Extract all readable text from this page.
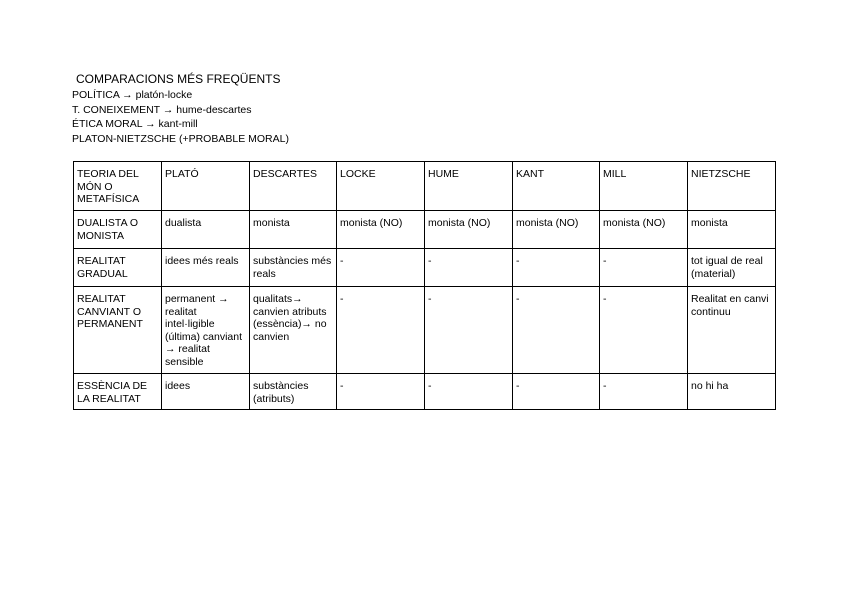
COMPARACIONS MÉS FREQÜENTS
POLÍTICA → platón-locke
T. CONEIXEMENT → hume-descartes
ÉTICA MORAL → kant-mill
PLATON-NIETZSCHE (+PROBABLE MORAL)
TEORIA DEL MÓN O METAFÍSICA	PLATÓ	DESCARTES	LOCKE	HUME	KANT	MILL	NIETZSCHE
DUALISTA O MONISTA	dualista	monista	monista (NO)	monista (NO)	monista (NO)	monista (NO)	monista
REALITAT GRADUAL	idees més reals	substàncies més reals	-	-	-	-	tot igual de real (material)
REALITAT CANVIANT O PERMANENT	permanent → realitat intel·ligible (última) canviant → realitat sensible	qualitats→ canvien atributs (essència)→ no canvien	-	-	-	-	Realitat en canvi continuu
ESSÈNCIA DE LA REALITAT	idees	substàncies (atributs)	-	-	-	-	no hi ha
